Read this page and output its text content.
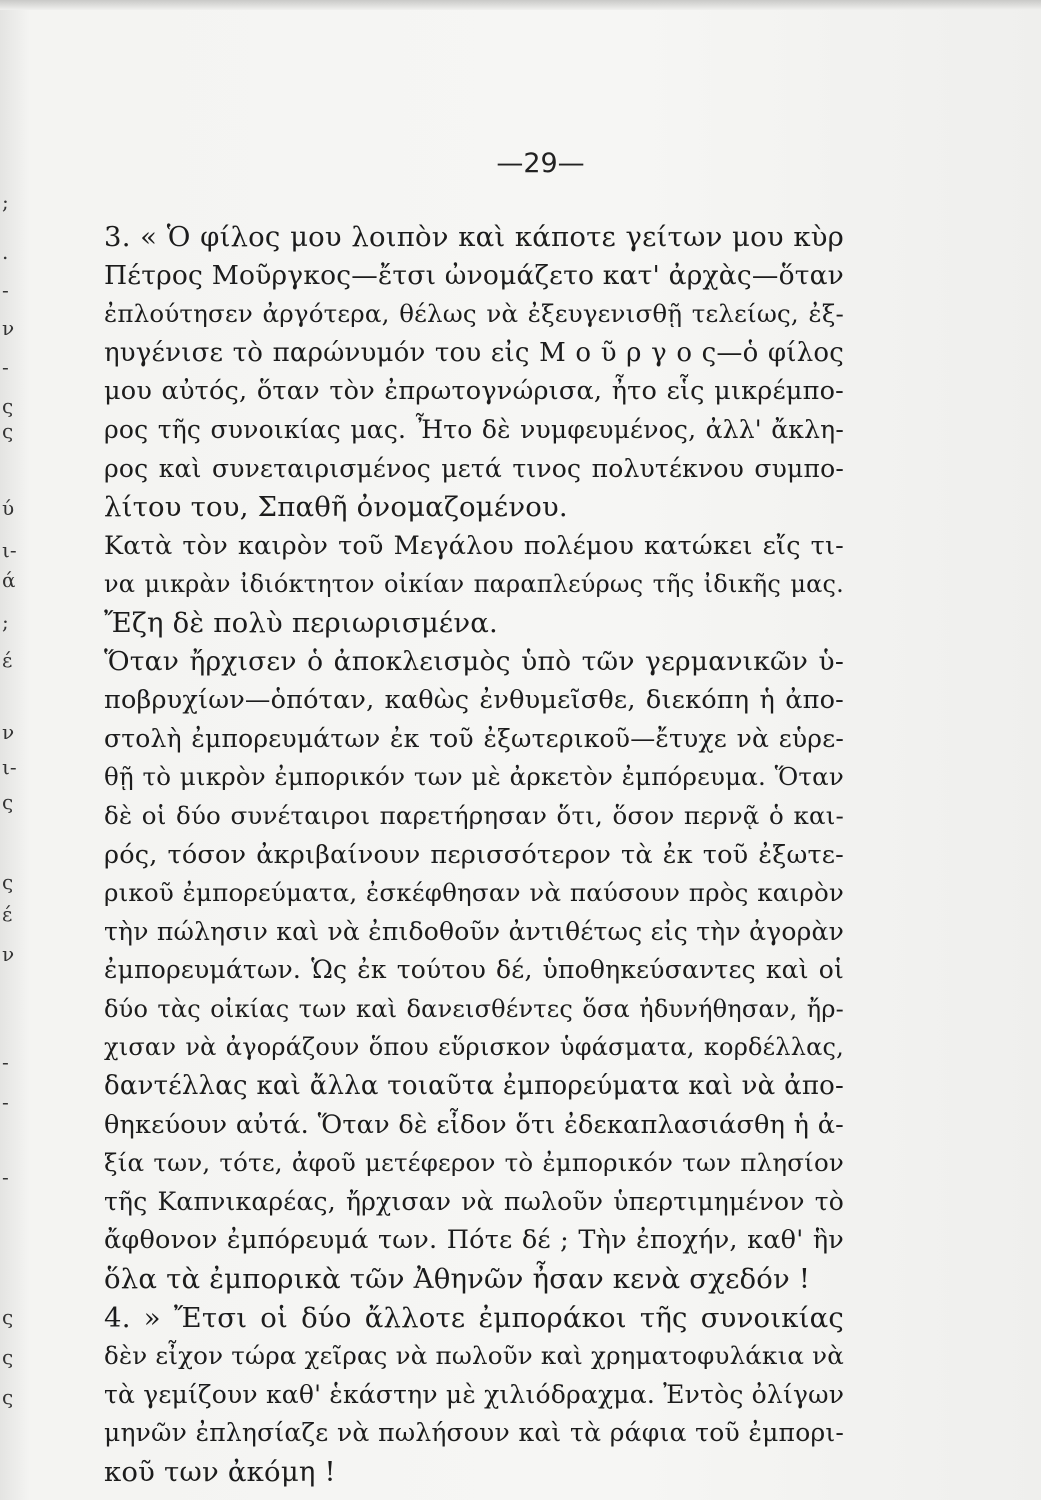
;
.
-
ν
-
ς
ς
ύ
ι-
ά
;
έ
ν
ι-
ς
ς
έ
ν
-
-
-
ς
ς
ς
—29—
3. « Ὁ φίλος μου λοιπὸν καὶ κάποτε γείτων μου κὺρ
Πέτρος Μοῦργκος—ἔτσι ὠνομάζετο κατ' ἀρχὰς—ὅταν
ἐπλούτησεν ἀργότερα, θέλως νὰ ἐξευγενισθῇ τελείως, ἐξ-
ηυγένισε τὸ παρώνυμόν του εἰς Μ ο ῦ ρ γ ο ς—ὁ φίλος
μου αὐτός, ὅταν τὸν ἐπρωτογνώρισα, ἦτο εἷς μικρέμπο-
ρος τῆς συνοικίας μας. Ἦτο δὲ νυμφευμένος, ἀλλ' ἄκλη-
ρος καὶ συνεταιρισμένος μετά τινος πολυτέκνου συμπο-
λίτου του, Σπαθῆ ὀνομαζομένου.
Κατὰ τὸν καιρὸν τοῦ Μεγάλου πολέμου κατώκει εἴς τι-
να μικρὰν ἰδιόκτητον οἰκίαν παραπλεύρως τῆς ἰδικῆς μας.
Ἔζη δὲ πολὺ περιωρισμένα.
Ὅταν ἤρχισεν ὁ ἀποκλεισμὸς ὑπὸ τῶν γερμανικῶν ὑ-
ποβρυχίων—ὁπόταν, καθὼς ἐνθυμεῖσθε, διεκόπη ἡ ἀπο-
στολὴ ἐμπορευμάτων ἐκ τοῦ ἐξωτερικοῦ—ἔτυχε νὰ εὑρε-
θῇ τὸ μικρὸν ἐμπορικόν των μὲ ἀρκετὸν ἐμπόρευμα. Ὅταν
δὲ οἱ δύο συνέταιροι παρετήρησαν ὅτι, ὅσον περνᾷ ὁ και-
ρός, τόσον ἀκριβαίνουν περισσότερον τὰ ἐκ τοῦ ἐξωτε-
ρικοῦ ἐμπορεύματα, ἐσκέφθησαν νὰ παύσουν πρὸς καιρὸν
τὴν πώλησιν καὶ νὰ ἐπιδοθοῦν ἀντιθέτως εἰς τὴν ἀγορὰν
ἐμπορευμάτων. Ὡς ἐκ τούτου δέ, ὑποθηκεύσαντες καὶ οἱ
δύο τὰς οἰκίας των καὶ δανεισθέντες ὅσα ἠδυνήθησαν, ἤρ-
χισαν νὰ ἀγοράζουν ὅπου εὕρισκον ὑφάσματα, κορδέλλας,
δαντέλλας καὶ ἄλλα τοιαῦτα ἐμπορεύματα καὶ νὰ ἀπο-
θηκεύουν αὐτά. Ὅταν δὲ εἶδον ὅτι ἐδεκαπλασιάσθη ἡ ἀ-
ξία των, τότε, ἀφοῦ μετέφερον τὸ ἐμπορικόν των πλησίον
τῆς Καπνικαρέας, ἤρχισαν νὰ πωλοῦν ὑπερτιμημένον τὸ
ἄφθονον ἐμπόρευμά των. Πότε δέ ; Τὴν ἐποχήν, καθ' ἣν
ὅλα τὰ ἐμπορικὰ τῶν Ἀθηνῶν ἦσαν κενὰ σχεδόν !
4. » Ἔτσι οἱ δύο ἄλλοτε ἐμποράκοι τῆς συνοικίας
δὲν εἶχον τώρα χεῖρας νὰ πωλοῦν καὶ χρηματοφυλάκια νὰ
τὰ γεμίζουν καθ' ἑκάστην μὲ χιλιόδραχμα. Ἐντὸς ὀλίγων
μηνῶν ἐπλησίαζε νὰ πωλήσουν καὶ τὰ ράφια τοῦ ἐμπορι-
κοῦ των ἀκόμη !
